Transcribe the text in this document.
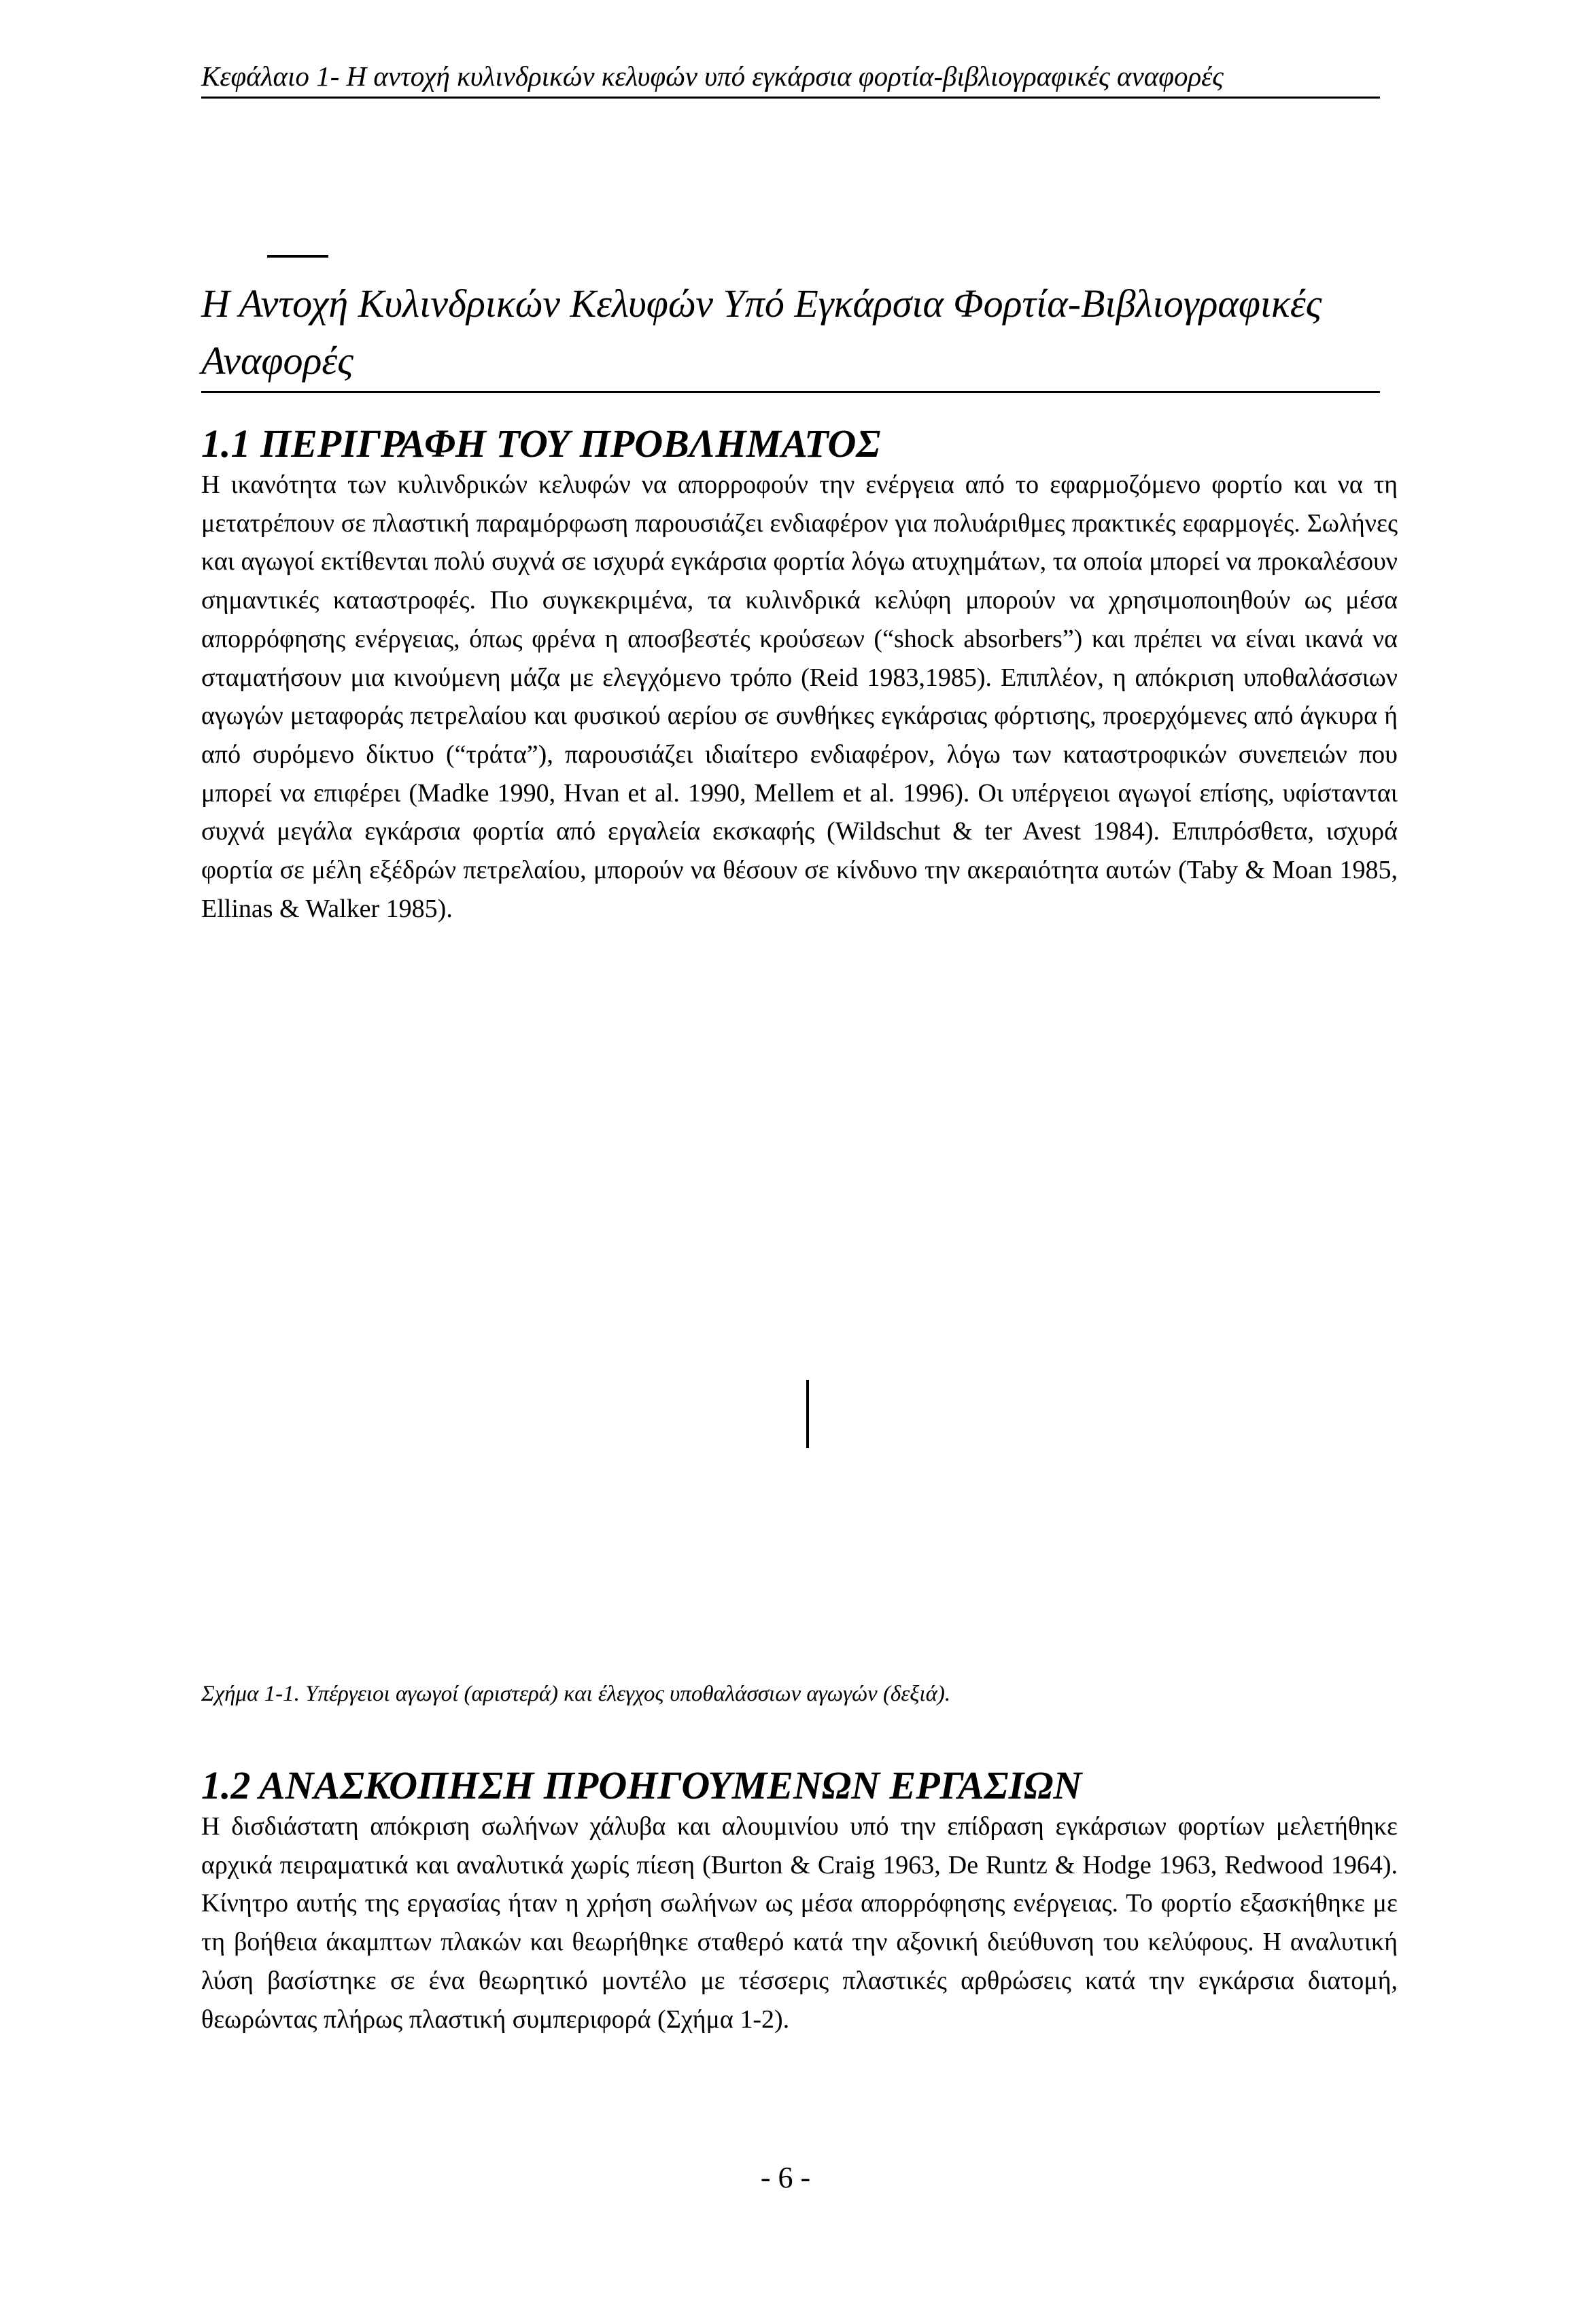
Κεφάλαιο 1- Η αντοχή κυλινδρικών κελυφών υπό εγκάρσια φορτία-βιβλιογραφικές αναφορές
Η Αντοχή Κυλινδρικών Κελυφών Υπό Εγκάρσια Φορτία-Βιβλιογραφικές Αναφορές
1.1 ΠΕΡΙΓΡΑΦΗ ΤΟΥ ΠΡΟΒΛΗΜΑΤΟΣ

Η ικανότητα των κυλινδρικών κελυφών να απορροφούν την ενέργεια από το εφαρμοζόμενο φορτίο και να τη μετατρέπουν σε πλαστική παραμόρφωση παρουσιάζει ενδιαφέρον για πολυάριθμες πρακτικές εφαρμογές. Σωλήνες και αγωγοί εκτίθενται πολύ συχνά σε ισχυρά εγκάρσια φορτία λόγω ατυχημάτων, τα οποία μπορεί να προκαλέσουν σημαντικές καταστροφές. Πιο συγκεκριμένα, τα κυλινδρικά κελύφη μπορούν να χρησιμοποιηθούν ως μέσα απορρόφησης ενέργειας, όπως φρένα η αποσβεστές κρούσεων (“shock absorbers”) και πρέπει να είναι ικανά να σταματήσουν μια κινούμενη μάζα με ελεγχόμενο τρόπο (Reid 1983,1985). Επιπλέον, η απόκριση υποθαλάσσιων αγωγών μεταφοράς πετρελαίου και φυσικού αερίου σε συνθήκες εγκάρσιας φόρτισης, προερχόμενες από άγκυρα ή από συρόμενο δίκτυο (“τράτα”), παρουσιάζει ιδιαίτερο ενδιαφέρον, λόγω των καταστροφικών συνεπειών που μπορεί να επιφέρει (Madke 1990, Hvan et al. 1990, Mellem et al. 1996). Οι υπέργειοι αγωγοί επίσης, υφίστανται συχνά μεγάλα εγκάρσια φορτία από εργαλεία εκσκαφής (Wildschut & ter Avest 1984). Επιπρόσθετα, ισχυρά φορτία σε μέλη εξέδρών πετρελαίου, μπορούν να θέσουν σε κίνδυνο την ακεραιότητα αυτών (Taby & Moan 1985, Ellinas & Walker 1985).

Σχήμα 1-1. Υπέργειοι αγωγοί (αριστερά) και έλεγχος υποθαλάσσιων αγωγών (δεξιά).
1.2 ΑΝΑΣΚΟΠΗΣΗ ΠΡΟΗΓΟΥΜΕΝΩΝ ΕΡΓΑΣΙΩΝ

Η δισδιάστατη απόκριση σωλήνων χάλυβα και αλουμινίου υπό την επίδραση εγκάρσιων φορτίων μελετήθηκε αρχικά πειραματικά και αναλυτικά χωρίς πίεση (Burton & Craig 1963, De Runtz & Hodge 1963, Redwood 1964). Κίνητρο αυτής της εργασίας ήταν η χρήση σωλήνων ως μέσα απορρόφησης ενέργειας. Το φορτίο εξασκήθηκε με τη βοήθεια άκαμπτων πλακών και θεωρήθηκε σταθερό κατά την αξονική διεύθυνση του κελύφους. Η αναλυτική λύση βασίστηκε σε ένα θεωρητικό μοντέλο με τέσσερις πλαστικές αρθρώσεις κατά την εγκάρσια διατομή, θεωρώντας πλήρως πλαστική συμπεριφορά (Σχήμα 1-2).

- 6 -
